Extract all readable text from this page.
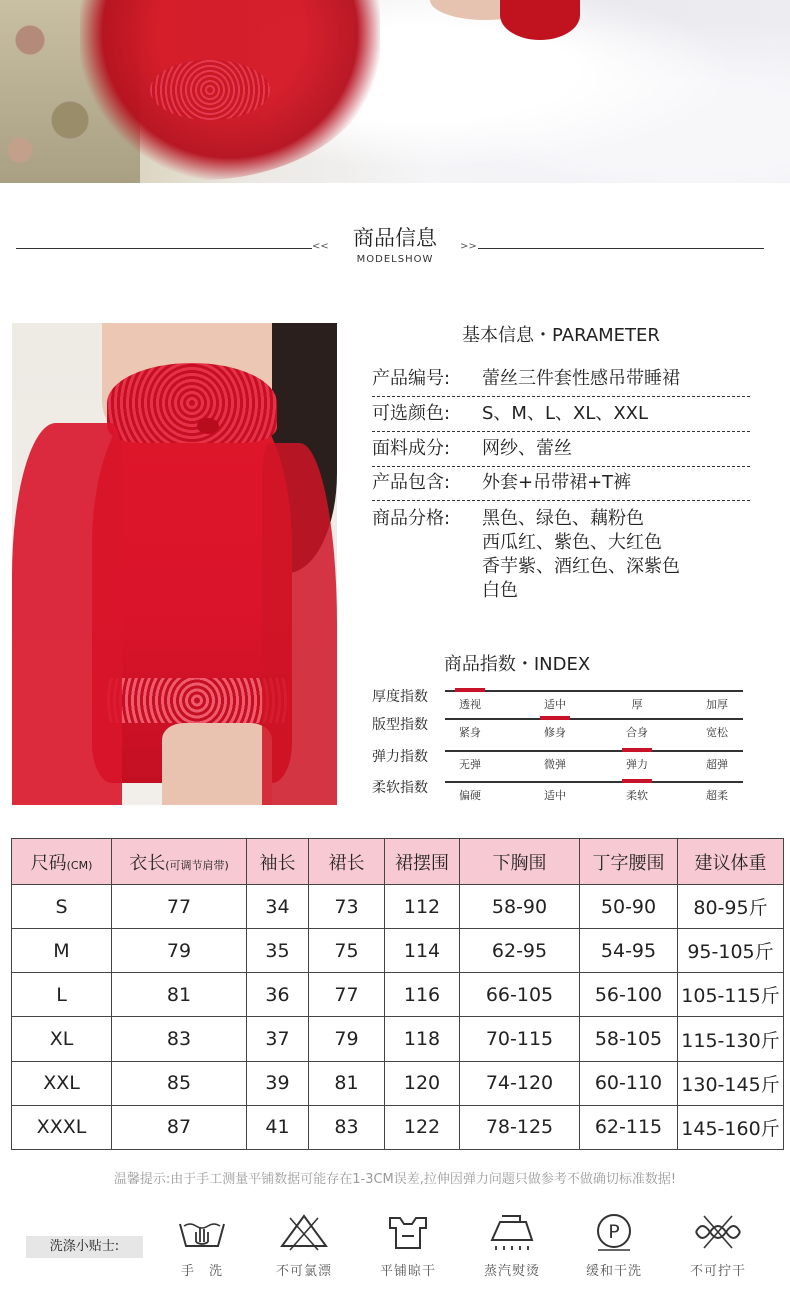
<<	商品信息
MODELSHOW
>>
基本信息・PARAMETER
产品编号: 蕾丝三件套性感吊带睡裙
可选颜色: S、M、L、XL、XXL
面料成分: 网纱、蕾丝
产品包含: 外套+吊带裙+T裤
商品分格:	黑色、绿色、藕粉色
西瓜红、紫色、大红色
香芋紫、酒红色、深紫色
白色
商品指数・INDEX
厚度指数	透视	适中	厚	加厚
版型指数	紧身	修身	合身	宽松
弹力指数	无弹	微弹	弹力	超弹
柔软指数	偏硬	适中	柔软	超柔
尺码(CM)	衣长(可调节肩带)	袖长	裙长	裙摆围	下胸围	丁字腰围	建议体重
S	77	34	73	112	58-90	50-90	80-95斤
M	79	35	75	114	62-95	54-95	95-105斤
L	81	36	77	116	66-105	56-100	105-115斤
XL	83	37	79	118	70-115	58-105	115-130斤
XXL	85	39	81	120	74-120	60-110	130-145斤
XXXL	87	41	83	122	78-125	62-115	145-160斤
温馨提示:由于手工测量平铺数据可能存在1-3CM误差,拉伸因弹力问题只做参考不做确切标准数据!
洗涤小贴士:
手　洗	不可氯漂	平铺晾干	蒸汽熨烫
P
缓和干洗	不可拧干
